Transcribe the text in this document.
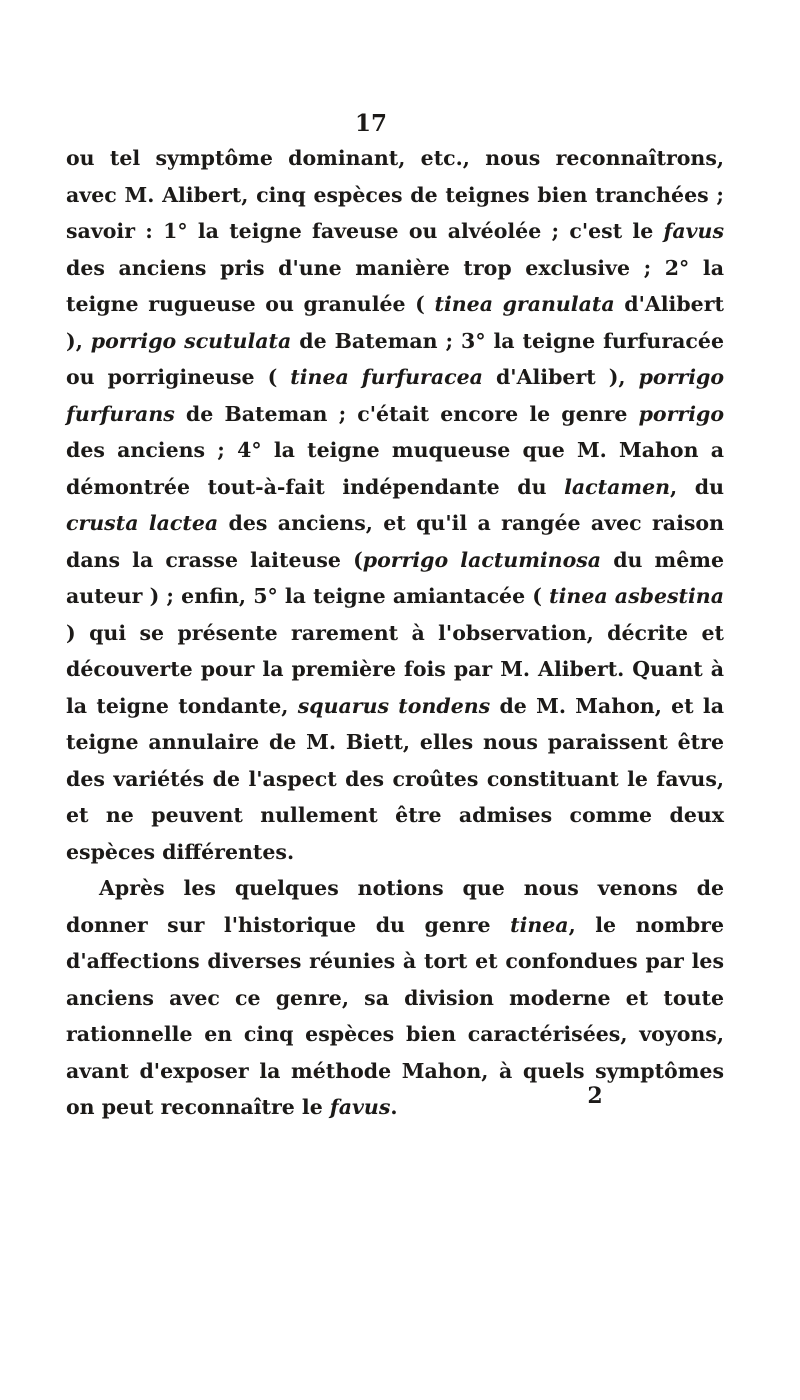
17

ou tel symptôme dominant, etc., nous reconnaîtrons, avec M. Alibert, cinq espèces de teignes bien tranchées ; savoir : 1° la teigne faveuse ou alvéolée ; c'est le favus des anciens pris d'une manière trop exclusive ; 2° la teigne rugueuse ou granulée ( tinea granulata d'Alibert ), porrigo scutulata de Bateman ; 3° la teigne furfuracée ou porrigineuse ( tinea furfuracea d'Alibert ), porrigo furfurans de Bateman ; c'était encore le genre porrigo des anciens ; 4° la teigne muqueuse que M. Mahon a démontrée tout-à-fait indépendante du lactamen, du crusta lactea des anciens, et qu'il a rangée avec raison dans la crasse laiteuse (porrigo lactuminosa du même auteur ) ; enfin, 5° la teigne amiantacée ( tinea asbestina ) qui se présente rarement à l'observation, décrite et découverte pour la première fois par M. Alibert. Quant à la teigne tondante, squarus tondens de M. Mahon, et la teigne annulaire de M. Biett, elles nous paraissent être des variétés de l'aspect des croûtes constituant le favus, et ne peuvent nullement être admises comme deux espèces différentes.

Après les quelques notions que nous venons de donner sur l'historique du genre tinea, le nombre d'affections diverses réunies à tort et confondues par les anciens avec ce genre, sa division moderne et toute rationnelle en cinq espèces bien caractérisées, voyons, avant d'exposer la méthode Mahon, à quels symptômes on peut reconnaître le favus.	2
